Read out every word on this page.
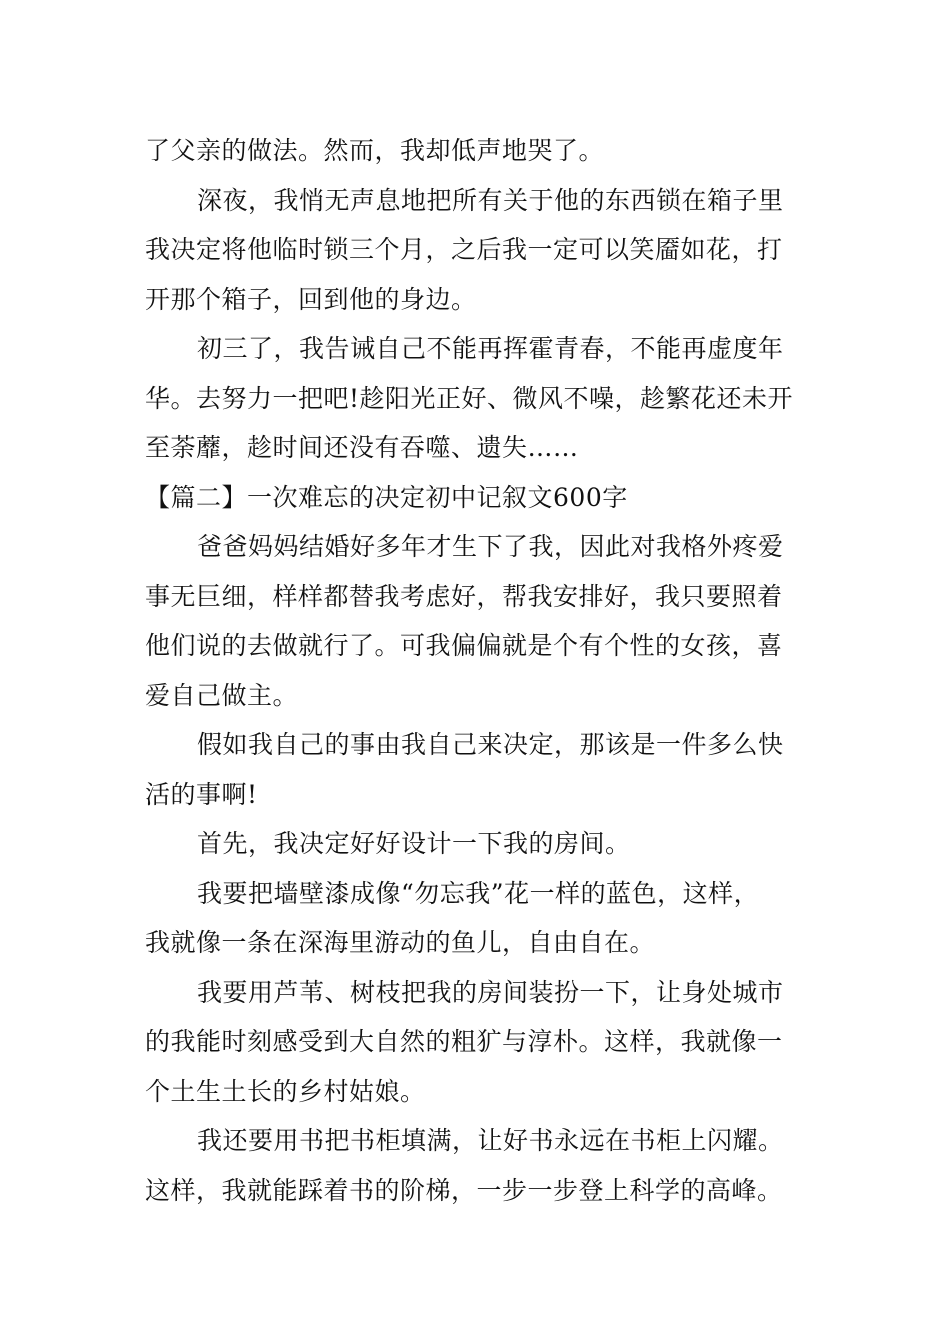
了父亲的做法。然而，我却低声地哭了。
深夜，我悄无声息地把所有关于他的东西锁在箱子里
我决定将他临时锁三个月，之后我一定可以笑靥如花，打
开那个箱子，回到他的身边。
初三了，我告诫自己不能再挥霍青春，不能再虚度年
华。去努力一把吧!趁阳光正好、微风不噪，趁繁花还未开
至荼蘼，趁时间还没有吞噬、遗失……
【篇二】一次难忘的决定初中记叙文600字
爸爸妈妈结婚好多年才生下了我，因此对我格外疼爱
事无巨细，样样都替我考虑好，帮我安排好，我只要照着
他们说的去做就行了。可我偏偏就是个有个性的女孩，喜
爱自己做主。
假如我自己的事由我自己来决定，那该是一件多么快
活的事啊!
首先，我决定好好设计一下我的房间。
我要把墙壁漆成像“勿忘我”花一样的蓝色，这样，
我就像一条在深海里游动的鱼儿，自由自在。
我要用芦苇、树枝把我的房间装扮一下，让身处城市
的我能时刻感受到大自然的粗犷与淳朴。这样，我就像一
个土生土长的乡村姑娘。
我还要用书把书柜填满，让好书永远在书柜上闪耀。
这样，我就能踩着书的阶梯，一步一步登上科学的高峰。
